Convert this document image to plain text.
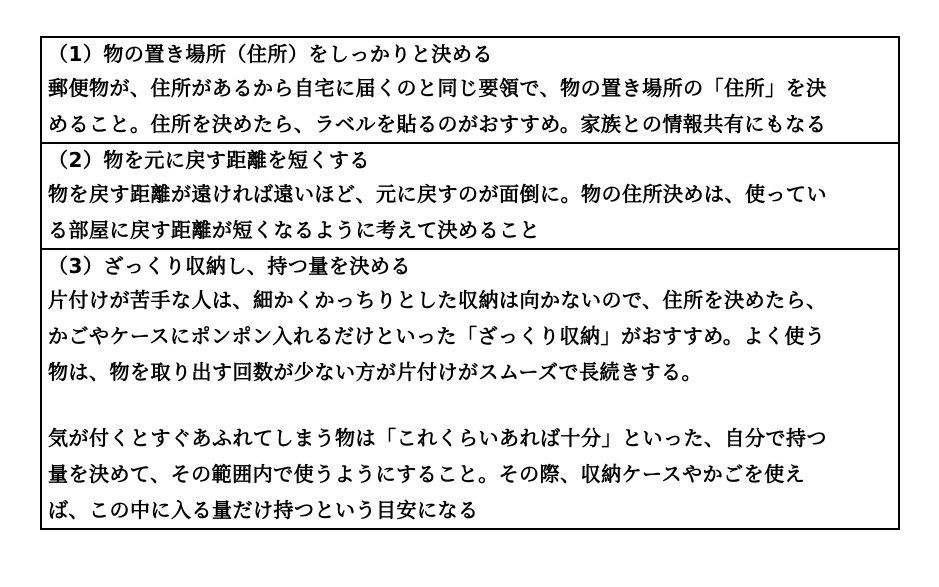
（1）物の置き場所（住所）をしっかりと決める
郵便物が、住所があるから自宅に届くのと同じ要領で、物の置き場所の「住所」を決
めること。住所を決めたら、ラベルを貼るのがおすすめ。家族との情報共有にもなる
（2）物を元に戻す距離を短くする
物を戻す距離が遠ければ遠いほど、元に戻すのが面倒に。物の住所決めは、使ってい
る部屋に戻す距離が短くなるように考えて決めること
（3）ざっくり収納し、持つ量を決める
片付けが苦手な人は、細かくかっちりとした収納は向かないので、住所を決めたら、
かごやケースにポンポン入れるだけといった「ざっくり収納」がおすすめ。よく使う
物は、物を取り出す回数が少ない方が片付けがスムーズで長続きする。
気が付くとすぐあふれてしまう物は「これくらいあれば十分」といった、自分で持つ
量を決めて、その範囲内で使うようにすること。その際、収納ケースやかごを使え
ば、この中に入る量だけ持つという目安になる
